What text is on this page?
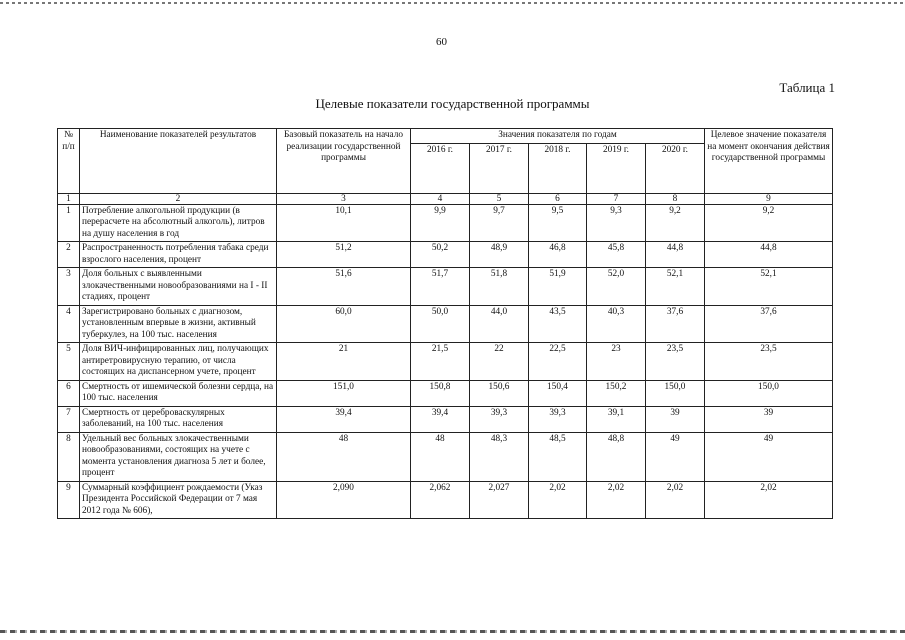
60
Таблица 1
Целевые показатели государственной программы
№ п/п	Наименование показателей результатов	Базовый показатель на начало реализации государственной программы	Значения показателя по годам					Целевое значение показателя на момент окончания действия государственной программы
			2016 г.	2017 г.	2018 г.	2019 г.	2020 г.	
1	2	3	4	5	6	7	8	9
1	Потребление алкогольной продукции (в перерасчете на абсолютный алкоголь), литров на душу населения в год	10,1	9,9	9,7	9,5	9,3	9,2	9,2
2	Распространенность потребления табака среди взрослого населения, процент	51,2	50,2	48,9	46,8	45,8	44,8	44,8
3	Доля больных с выявленными злокачественными новообразованиями на I - II стадиях, процент	51,6	51,7	51,8	51,9	52,0	52,1	52,1
4	Зарегистрировано больных с диагнозом, установленным впервые в жизни, активный туберкулез, на 100 тыс. населения	60,0	50,0	44,0	43,5	40,3	37,6	37,6
5	Доля ВИЧ-инфицированных лиц, получающих антиретровирусную терапию, от числа состоящих на диспансерном учете, процент	21	21,5	22	22,5	23	23,5	23,5
6	Смертность от ишемической болезни сердца, на 100 тыс. населения	151,0	150,8	150,6	150,4	150,2	150,0	150,0
7	Смертность от цереброваскулярных заболеваний, на 100 тыс. населения	39,4	39,4	39,3	39,3	39,1	39	39
8	Удельный вес больных злокачественными новообразованиями, состоящих на учете с момента установления диагноза 5 лет и более, процент	48	48	48,3	48,5	48,8	49	49
9	Суммарный коэффициент рождаемости (Указ Президента Российской Федерации от 7 мая 2012 года № 606),	2,090	2,062	2,027	2,02	2,02	2,02	2,02
